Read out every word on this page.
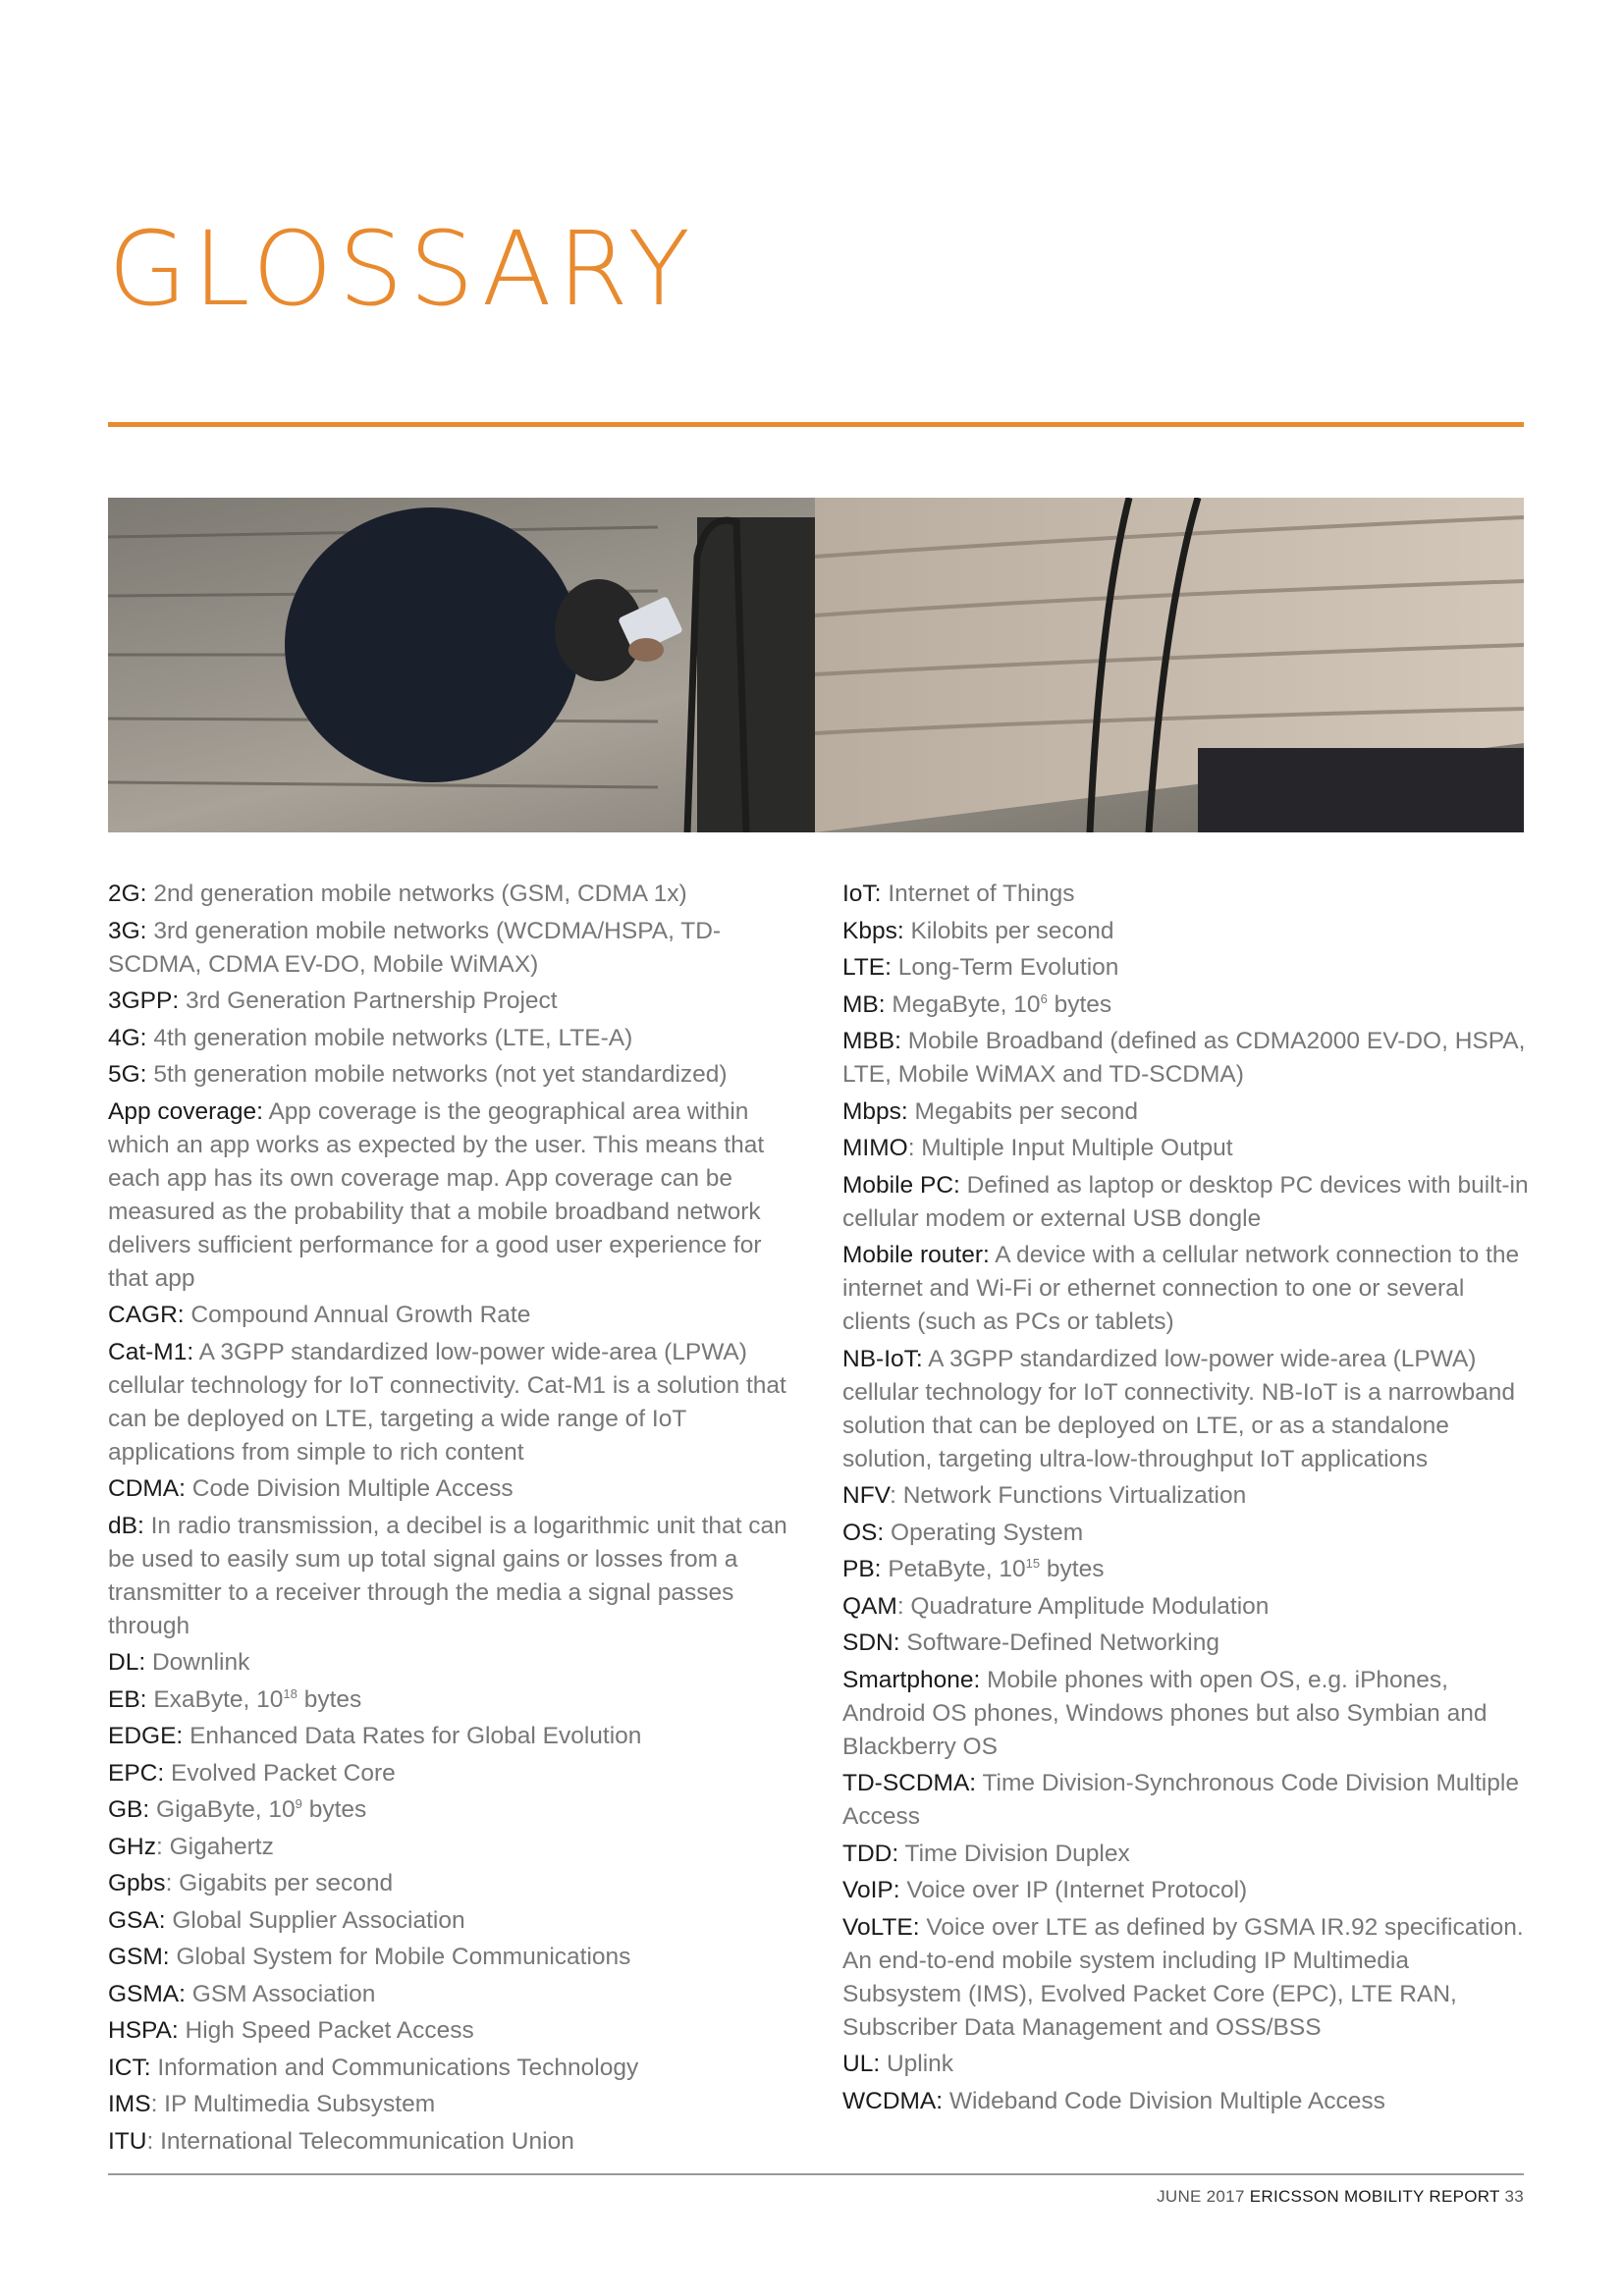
GLOSSARY
2G: 2nd generation mobile networks (GSM, CDMA 1x)
3G: 3rd generation mobile networks (WCDMA/HSPA, TD-SCDMA, CDMA EV-DO, Mobile WiMAX)
3GPP: 3rd Generation Partnership Project
4G: 4th generation mobile networks (LTE, LTE-A)
5G: 5th generation mobile networks (not yet standardized)
App coverage: App coverage is the geographical area within which an app works as expected by the user. This means that each app has its own coverage map. App coverage can be measured as the probability that a mobile broadband network delivers sufficient performance for a good user experience for that app
CAGR: Compound Annual Growth Rate
Cat-M1: A 3GPP standardized low-power wide-area (LPWA) cellular technology for IoT connectivity. Cat-M1 is a solution that can be deployed on LTE, targeting a wide range of IoT applications from simple to rich content
CDMA: Code Division Multiple Access
dB: In radio transmission, a decibel is a logarithmic unit that can be used to easily sum up total signal gains or losses from a transmitter to a receiver through the media a signal passes through
DL: Downlink
EB: ExaByte, $10^{18}$ bytes
EDGE: Enhanced Data Rates for Global Evolution
EPC: Evolved Packet Core
GB: GigaByte, $10^9$ bytes
GHz: Gigahertz
Gpbs: Gigabits per second
GSA: Global Supplier Association
GSM: Global System for Mobile Communications
GSMA: GSM Association
HSPA: High Speed Packet Access
ICT: Information and Communications Technology
IMS: IP Multimedia Subsystem
ITU: International Telecommunication Union
IoT: Internet of Things
Kbps: Kilobits per second
LTE: Long-Term Evolution
MB: MegaByte, $10^6$ bytes
MBB: Mobile Broadband (defined as CDMA2000 EV-DO, HSPA, LTE, Mobile WiMAX and TD-SCDMA)
Mbps: Megabits per second
MIMO: Multiple Input Multiple Output
Mobile PC: Defined as laptop or desktop PC devices with built-in cellular modem or external USB dongle
Mobile router: A device with a cellular network connection to the internet and Wi-Fi or ethernet connection to one or several clients (such as PCs or tablets)
NB-IoT: A 3GPP standardized low-power wide-area (LPWA) cellular technology for IoT connectivity. NB-IoT is a narrowband solution that can be deployed on LTE, or as a standalone solution, targeting ultra-low-throughput IoT applications
NFV: Network Functions Virtualization
OS: Operating System
PB: PetaByte, $10^{15}$ bytes
QAM: Quadrature Amplitude Modulation
SDN: Software-Defined Networking
Smartphone: Mobile phones with open OS, e.g. iPhones, Android OS phones, Windows phones but also Symbian and Blackberry OS
TD-SCDMA: Time Division-Synchronous Code Division Multiple Access
TDD: Time Division Duplex
VoIP: Voice over IP (Internet Protocol)
VoLTE: Voice over LTE as defined by GSMA IR.92 specification. An end-to-end mobile system including IP Multimedia Subsystem (IMS), Evolved Packet Core (EPC), LTE RAN, Subscriber Data Management and OSS/BSS
UL: Uplink
WCDMA: Wideband Code Division Multiple Access
JUNE 2017 ERICSSON MOBILITY REPORT 33
